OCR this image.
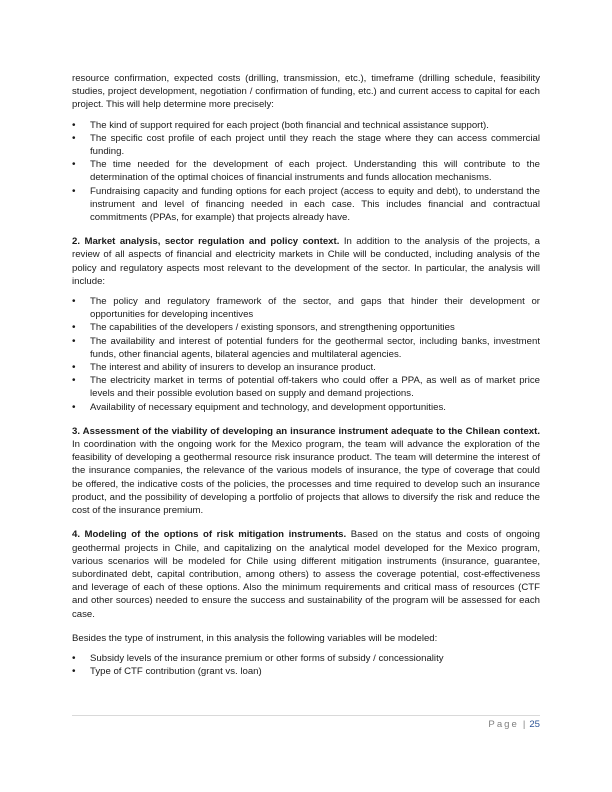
resource confirmation, expected costs (drilling, transmission, etc.), timeframe (drilling schedule, feasibility studies, project development, negotiation / confirmation of funding, etc.) and current access to capital for each project. This will help determine more precisely:

• The kind of support required for each project (both financial and technical assistance support).
• The specific cost profile of each project until they reach the stage where they can access commercial funding.
• The time needed for the development of each project. Understanding this will contribute to the determination of the optimal choices of financial instruments and funds allocation mechanisms.
• Fundraising capacity and funding options for each project (access to equity and debt), to understand the instrument and level of financing needed in each case. This includes financial and contractual commitments (PPAs, for example) that projects already have.

2. Market analysis, sector regulation and policy context. In addition to the analysis of the projects, a review of all aspects of financial and electricity markets in Chile will be conducted, including analysis of the policy and regulatory aspects most relevant to the development of the sector. In particular, the analysis will include:

• The policy and regulatory framework of the sector, and gaps that hinder their development or opportunities for developing incentives
• The capabilities of the developers / existing sponsors, and strengthening opportunities
• The availability and interest of potential funders for the geothermal sector, including banks, investment funds, other financial agents, bilateral agencies and multilateral agencies.
• The interest and ability of insurers to develop an insurance product.
• The electricity market in terms of potential off-takers who could offer a PPA, as well as of market price levels and their possible evolution based on supply and demand projections.
• Availability of necessary equipment and technology, and development opportunities.

3. Assessment of the viability of developing an insurance instrument adequate to the Chilean context. In coordination with the ongoing work for the Mexico program, the team will advance the exploration of the feasibility of developing a geothermal resource risk insurance product. The team will determine the interest of the insurance companies, the relevance of the various models of insurance, the type of coverage that could be offered, the indicative costs of the policies, the processes and time required to develop such an insurance product, and the possibility of developing a portfolio of projects that allows to diversify the risk and reduce the cost of the insurance premium.

4. Modeling of the options of risk mitigation instruments. Based on the status and costs of ongoing geothermal projects in Chile, and capitalizing on the analytical model developed for the Mexico program, various scenarios will be modeled for Chile using different mitigation instruments (insurance, guarantee, subordinated debt, capital contribution, among others) to assess the coverage potential, cost-effectiveness and leverage of each of these options. Also the minimum requirements and critical mass of resources (CTF and other sources) needed to ensure the success and sustainability of the program will be assessed for each case.

Besides the type of instrument, in this analysis the following variables will be modeled:

• Subsidy levels of the insurance premium or other forms of subsidy / concessionality
• Type of CTF contribution (grant vs. loan)
Page | 25
